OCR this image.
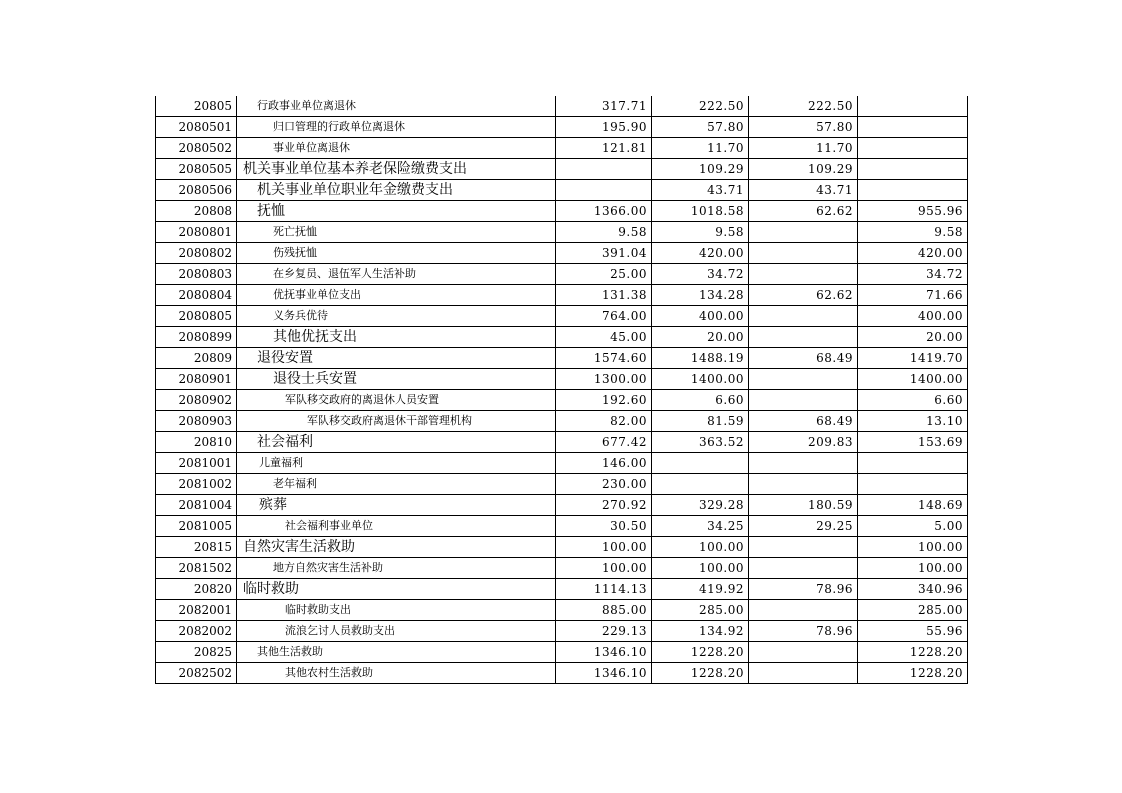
20805	行政事业单位离退休	317.71	222.50	222.50	
2080501	归口管理的行政单位离退休	195.90	57.80	57.80	
2080502	事业单位离退休	121.81	11.70	11.70	
2080505	机关事业单位基本养老保险缴费支出		109.29	109.29	
2080506	机关事业单位职业年金缴费支出		43.71	43.71	
20808	抚恤	1366.00	1018.58	62.62	955.96
2080801	死亡抚恤	9.58	9.58		9.58
2080802	伤残抚恤	391.04	420.00		420.00
2080803	在乡复员、退伍军人生活补助	25.00	34.72		34.72
2080804	优抚事业单位支出	131.38	134.28	62.62	71.66
2080805	义务兵优待	764.00	400.00		400.00
2080899	其他优抚支出	45.00	20.00		20.00
20809	退役安置	1574.60	1488.19	68.49	1419.70
2080901	退役士兵安置	1300.00	1400.00		1400.00
2080902	军队移交政府的离退休人员安置	192.60	6.60		6.60
2080903	军队移交政府离退休干部管理机构	82.00	81.59	68.49	13.10
20810	社会福利	677.42	363.52	209.83	153.69
2081001	儿童福利	146.00			
2081002	老年福利	230.00			
2081004	殡葬	270.92	329.28	180.59	148.69
2081005	社会福利事业单位	30.50	34.25	29.25	5.00
20815	自然灾害生活救助	100.00	100.00		100.00
2081502	地方自然灾害生活补助	100.00	100.00		100.00
20820	临时救助	1114.13	419.92	78.96	340.96
2082001	临时救助支出	885.00	285.00		285.00
2082002	流浪乞讨人员救助支出	229.13	134.92	78.96	55.96
20825	其他生活救助	1346.10	1228.20		1228.20
2082502	其他农村生活救助	1346.10	1228.20		1228.20
